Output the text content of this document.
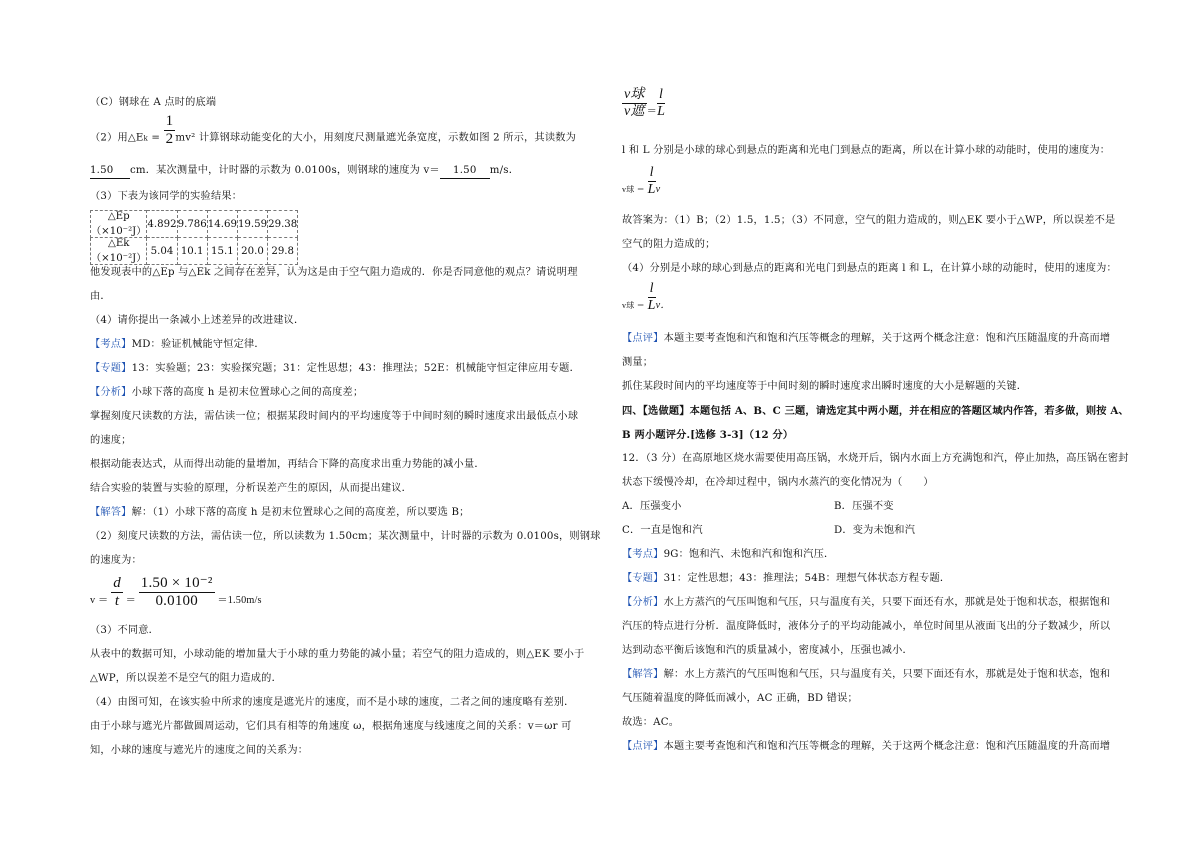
（C）钢球在 A 点时的底端
（2）用△Ek = $\frac{1}{2} mv^2$ 计算钢球动能变化的大小，用刻度尺测量遮光条宽度，示数如图 2 所示，其读数为
1.50 cm．某次测量中，计时器的示数为 0.0100s，则钢球的速度为 v＝ 1.50 m/s．
（3）下表为该同学的实验结果：
△Ep（×10⁻²J）	4.892	9.786	14.69	19.59	29.38
△Ek（×10⁻²J）	5.04	10.1	15.1	20.0	29.8
他发现表中的△Ep 与△Ek 之间存在差异，认为这是由于空气阻力造成的．你是否同意他的观点？请说明理
由．
（4）请你提出一条减小上述差异的改进建议．
【考点】MD：验证机械能守恒定律．
【专题】13：实验题；23：实验探究题；31：定性思想；43：推理法；52E：机械能守恒定律应用专题．
【分析】小球下落的高度 h 是初末位置球心之间的高度差；
掌握刻度尺读数的方法，需估读一位；根据某段时间内的平均速度等于中间时刻的瞬时速度求出最低点小球
的速度；
根据动能表达式，从而得出动能的量增加，再结合下降的高度求出重力势能的减小量．
结合实验的装置与实验的原理，分析误差产生的原因，从而提出建议．
【解答】解：（1）小球下落的高度 h 是初末位置球心之间的高度差，所以要选 B；
（2）刻度尺读数的方法，需估读一位，所以读数为 1.50cm；某次测量中，计时器的示数为 0.0100s，则钢球
的速度为：
$v = \frac{d}{t} = \frac{\text{1.50 × 10⁻²}}{0.0100} =1.50m/s$
（3）不同意．
从表中的数据可知，小球动能的增加量大于小球的重力势能的减小量；若空气的阻力造成的，则△EK 要小于
△WP，所以误差不是空气的阻力造成的．
（4）由图可知，在该实验中所求的速度是遮光片的速度，而不是小球的速度，二者之间的速度略有差别．
由于小球与遮光片都做圆周运动，它们具有相等的角速度 ω，根据角速度与线速度之间的关系：v＝ωr 可
知，小球的速度与遮光片的速度之间的关系为：
$\frac{\text{v球}}{\text{v遮}} = \frac{l}{L}$
l 和 L 分别是小球的球心到悬点的距离和光电门到悬点的距离，所以在计算小球的动能时，使用的速度为：
v球 ＝ $\frac{l}{L}$ v
故答案为：（1）B；（2）1.5，1.5；（3）不同意，空气的阻力造成的，则△EK 要小于△WP，所以误差不是
空气的阻力造成的；
（4）分别是小球的球心到悬点的距离和光电门到悬点的距离 l 和 L，在计算小球的动能时，使用的速度为：
v球 ＝ $\frac{l}{L}$ v．
【点评】本题主要考查饱和汽和饱和汽压等概念的理解，关于这两个概念注意：饱和汽压随温度的升高而增
测量；
抓住某段时间内的平均速度等于中间时刻的瞬时速度求出瞬时速度的大小是解题的关键．
四、【选做题】本题包括 A、B、C 三题，请选定其中两小题，并在相应的答题区域内作答，若多做，则按 A、
B 两小题评分.[选修 3-3]（12 分）
12．（3 分）在高原地区烧水需要使用高压锅，水烧开后，锅内水面上方充满饱和汽，停止加热，高压锅在密封
状态下缓慢冷却，在冷却过程中，锅内水蒸汽的变化情况为（　　）
A．压强变小	B．压强不变
C．一直是饱和汽	D．变为未饱和汽
【考点】9G：饱和汽、未饱和汽和饱和汽压．
【专题】31：定性思想；43：推理法；54B：理想气体状态方程专题．
【分析】水上方蒸汽的气压叫饱和气压，只与温度有关，只要下面还有水，那就是处于饱和状态，根据饱和
汽压的特点进行分析．温度降低时，液体分子的平均动能减小，单位时间里从液面飞出的分子数减少，所以
达到动态平衡后该饱和汽的质量减小，密度减小，压强也减小．
【解答】解：水上方蒸汽的气压叫饱和气压，只与温度有关，只要下面还有水，那就是处于饱和状态，饱和
气压随着温度的降低而减小，AC 正确，BD 错误；
故选：AC。
【点评】本题主要考查饱和汽和饱和汽压等概念的理解，关于这两个概念注意：饱和汽压随温度的升高而增
